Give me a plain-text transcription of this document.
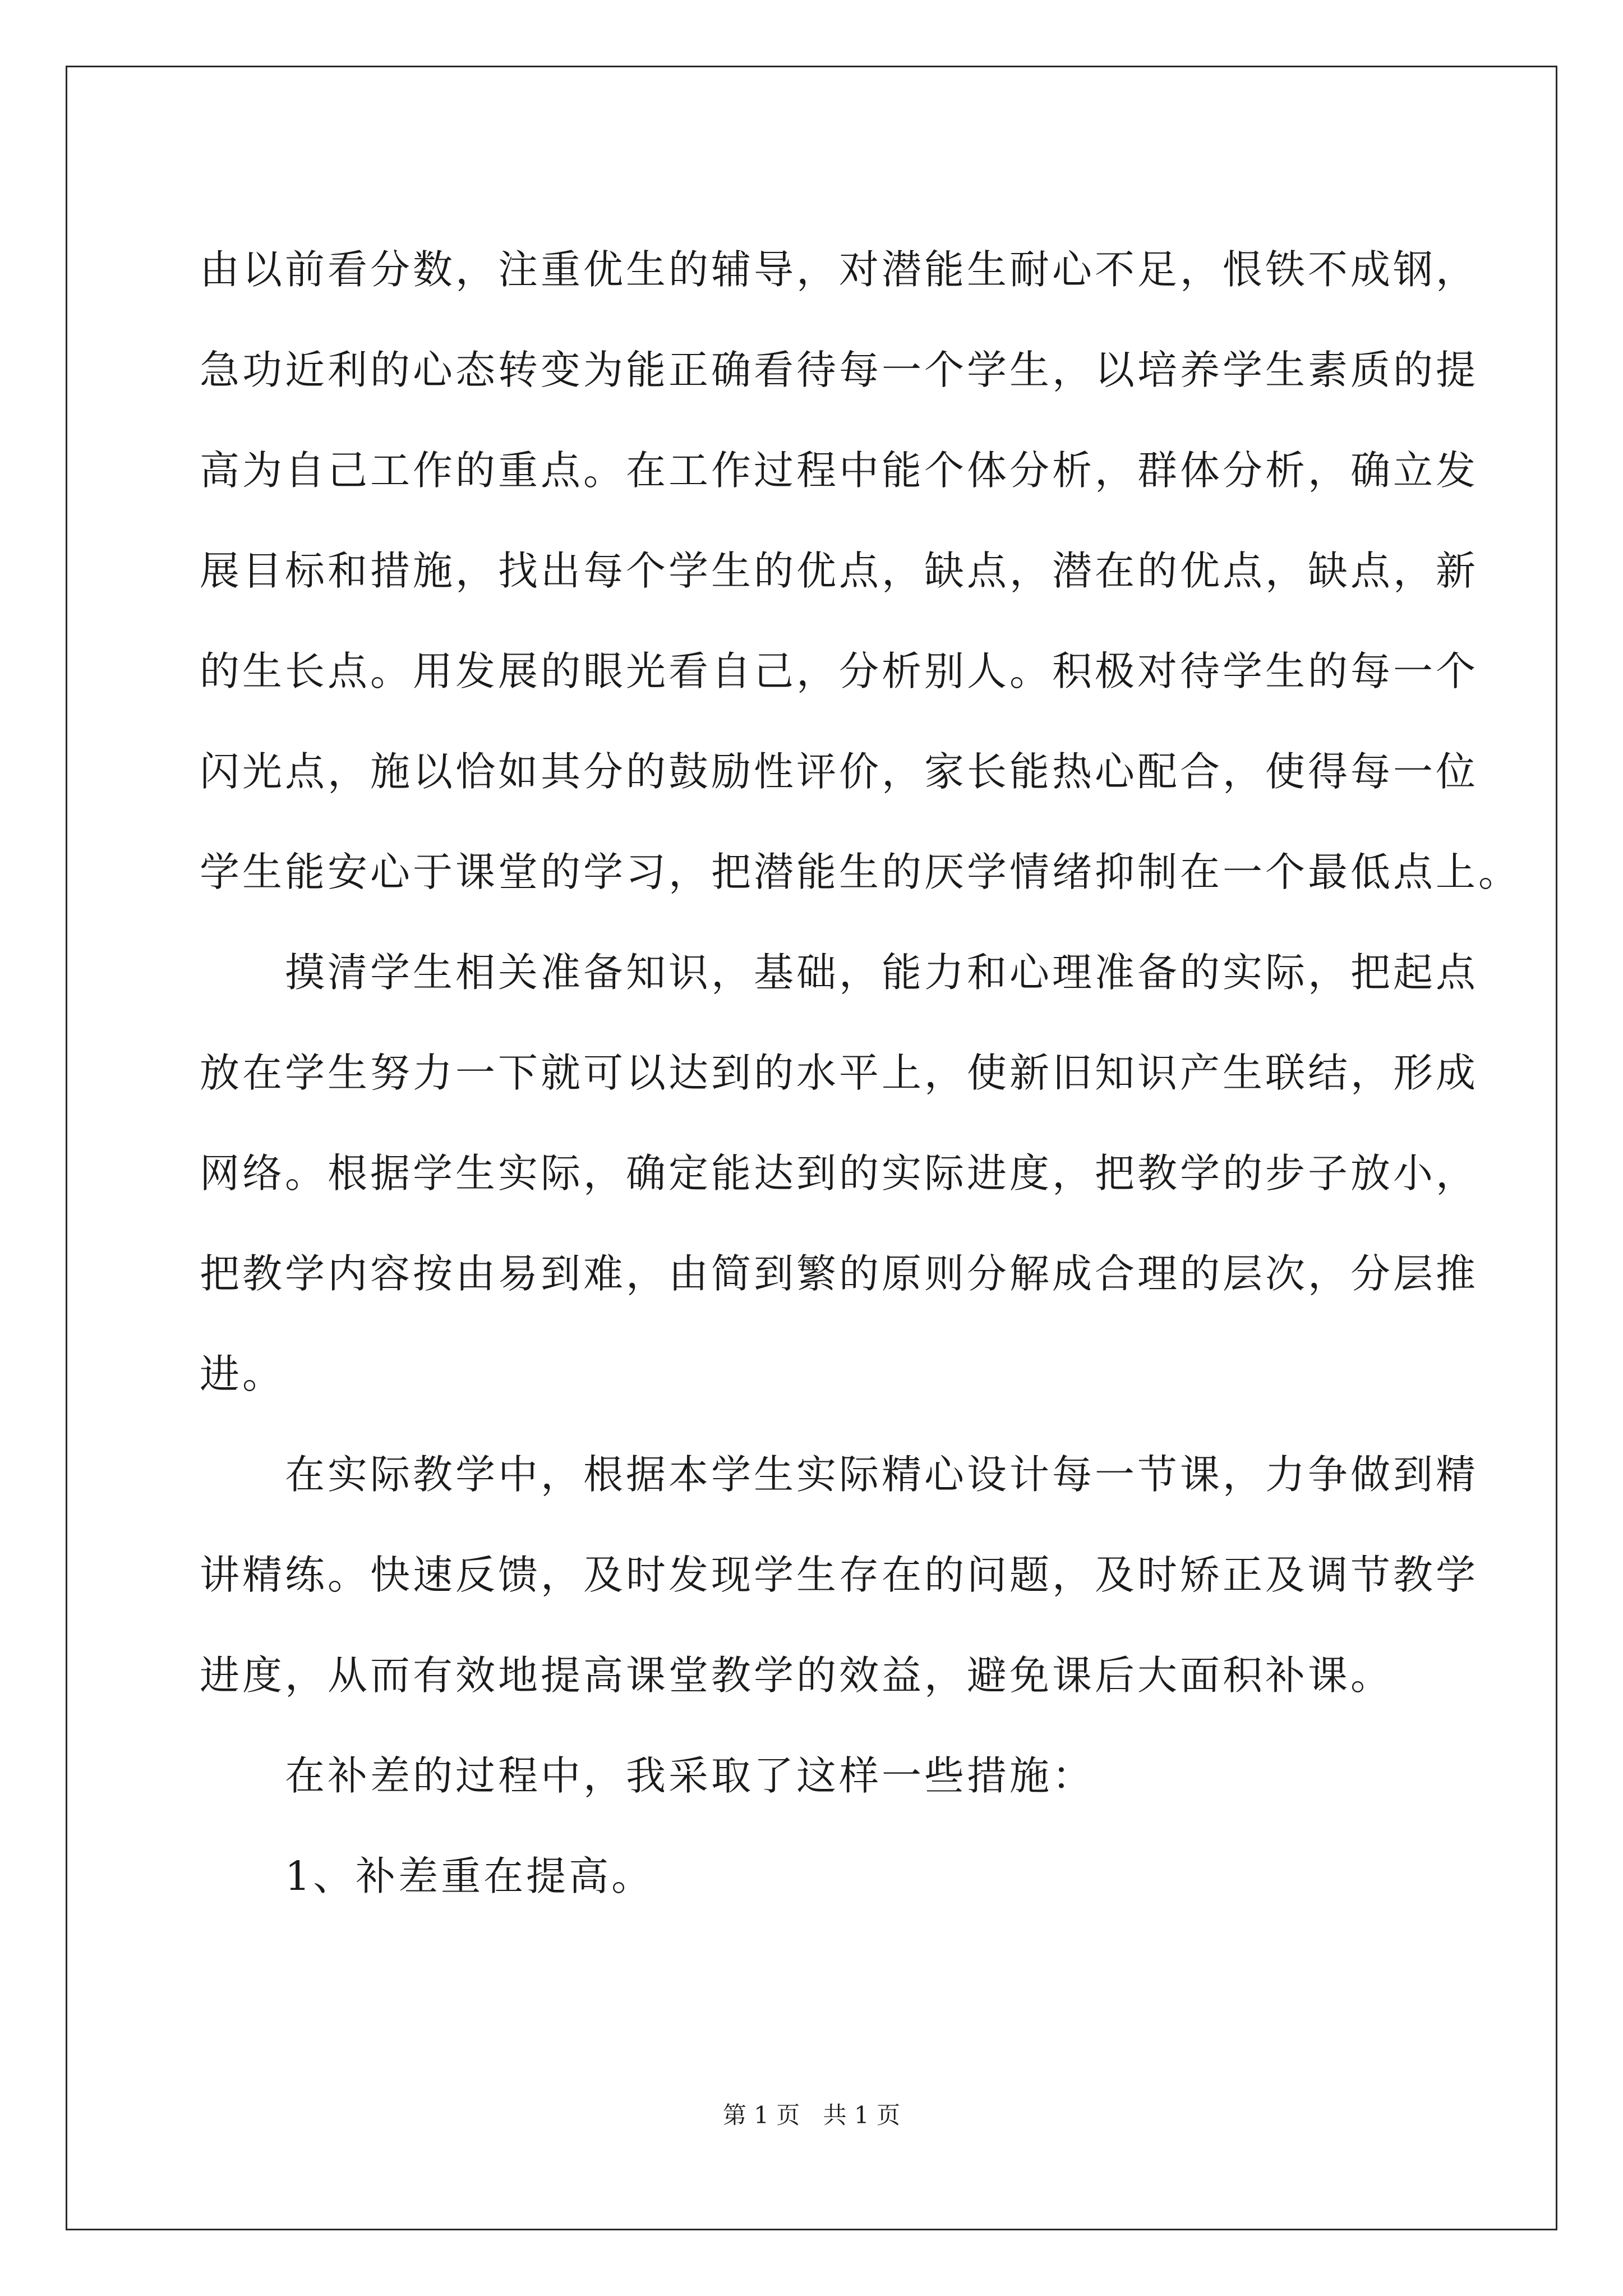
由以前看分数，注重优生的辅导，对潜能生耐心不足，恨铁不成钢，
急功近利的心态转变为能正确看待每一个学生，以培养学生素质的提
高为自己工作的重点。在工作过程中能个体分析，群体分析，确立发
展目标和措施，找出每个学生的优点，缺点，潜在的优点，缺点，新
的生长点。用发展的眼光看自己，分析别人。积极对待学生的每一个
闪光点，施以恰如其分的鼓励性评价，家长能热心配合，使得每一位
学生能安心于课堂的学习，把潜能生的厌学情绪抑制在一个最低点上。
摸清学生相关准备知识，基础，能力和心理准备的实际，把起点
放在学生努力一下就可以达到的水平上，使新旧知识产生联结，形成
网络。根据学生实际，确定能达到的实际进度，把教学的步子放小，
把教学内容按由易到难，由简到繁的原则分解成合理的层次，分层推
进。
在实际教学中，根据本学生实际精心设计每一节课，力争做到精
讲精练。快速反馈，及时发现学生存在的问题，及时矫正及调节教学
进度，从而有效地提高课堂教学的效益，避免课后大面积补课。
在补差的过程中，我采取了这样一些措施：
1、补差重在提高。
第 1 页 共 1 页
